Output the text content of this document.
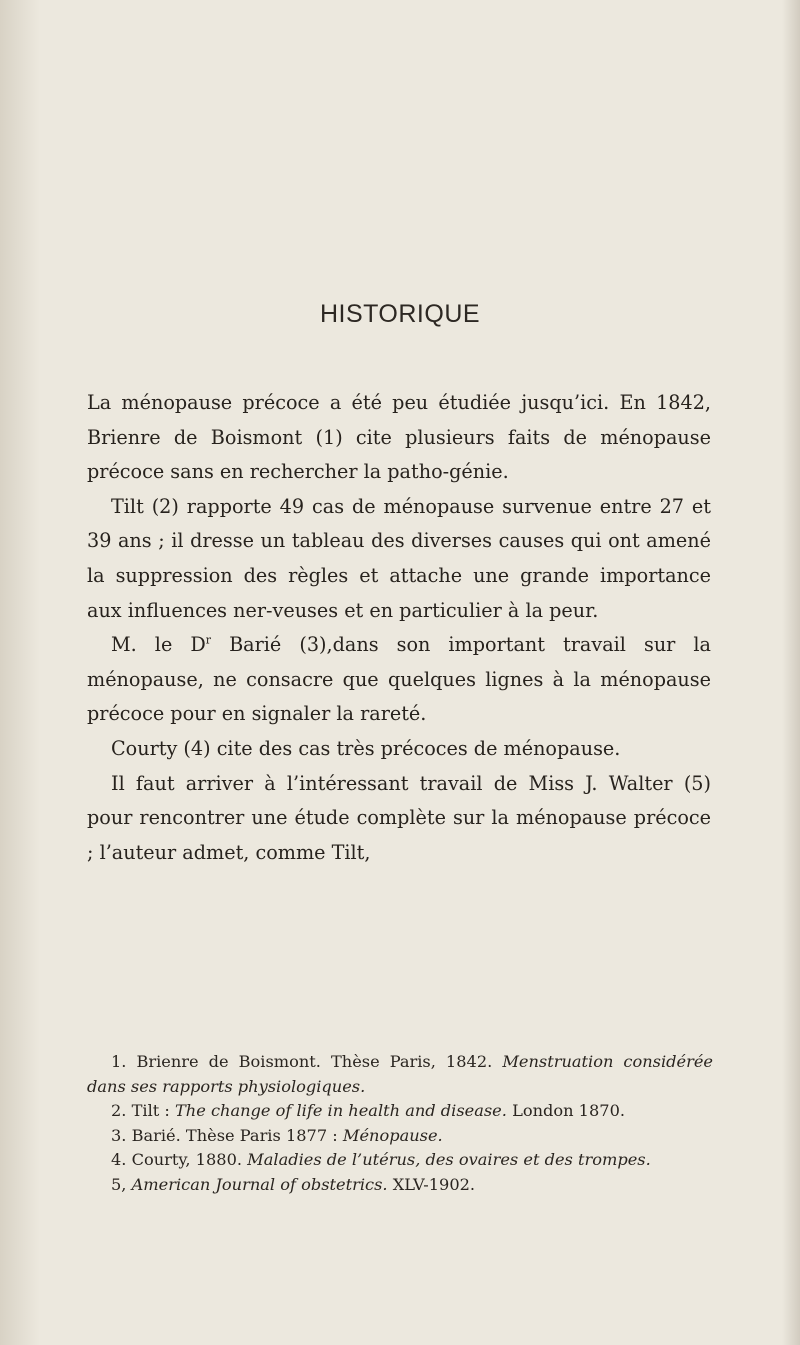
HISTORIQUE

La ménopause précoce a été peu étudiée jusqu’ici. En 1842, Brienre de Boismont (1) cite plusieurs faits de ménopause précoce sans en rechercher la patho-génie.

Tilt (2) rapporte 49 cas de ménopause survenue entre 27 et 39 ans ; il dresse un tableau des diverses causes qui ont amené la suppression des règles et attache une grande importance aux influences ner-veuses et en particulier à la peur.

M. le $D^r$ Barié (3),dans son important travail sur la ménopause, ne consacre que quelques lignes à la ménopause précoce pour en signaler la rareté.

Courty (4) cite des cas très précoces de ménopause.

Il faut arriver à l’intéressant travail de Miss J. Walter (5) pour rencontrer une étude complète sur la ménopause précoce ; l’auteur admet, comme Tilt,

1. Brienre de Boismont. Thèse Paris, 1842. Menstruation considérée dans ses rapports physiologiques.

2. Tilt : The change of life in health and disease. London 1870.

3. Barié. Thèse Paris 1877 : Ménopause.

4. Courty, 1880. Maladies de l’utérus, des ovaires et des trompes.

5, American Journal of obstetrics. XLV-1902.
